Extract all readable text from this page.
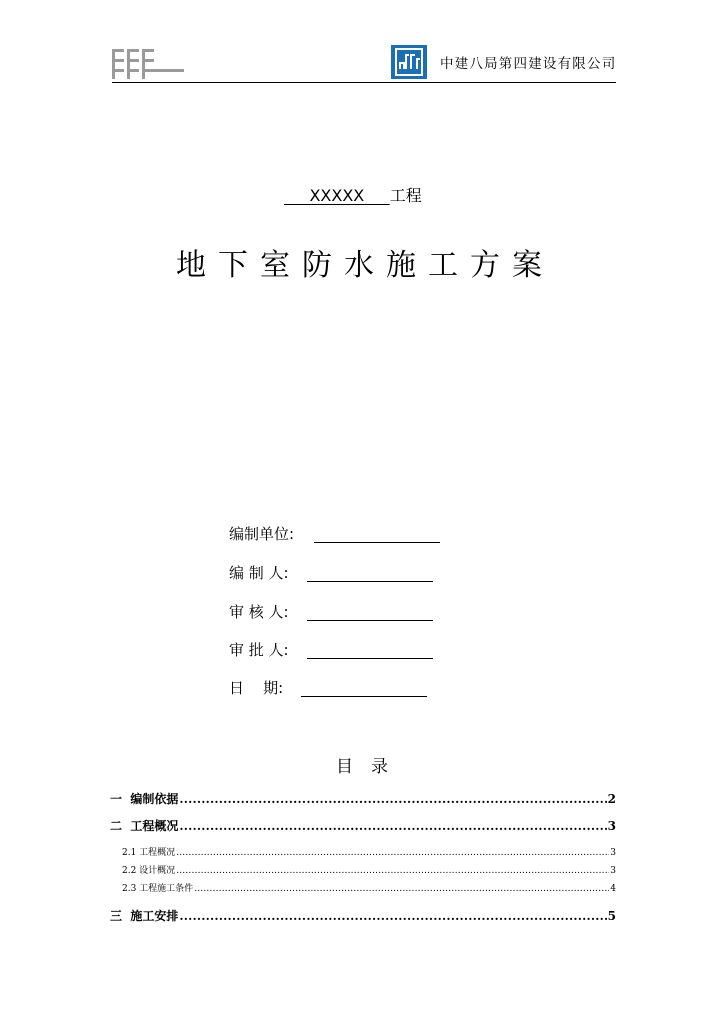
中建八局第四建设有限公司
XXXXX 工程
地下室防水施工方案
编制单位:
编 制 人:
审 核 人:
审 批 人:
日    期:
目录
一  编制依据 .....	2
二  工程概况 .....	3
2.1 工程概况 .....	3
2.2 设计概况 .....	3
2.3 工程施工条件 .....	4
三  施工安排 .....	5
